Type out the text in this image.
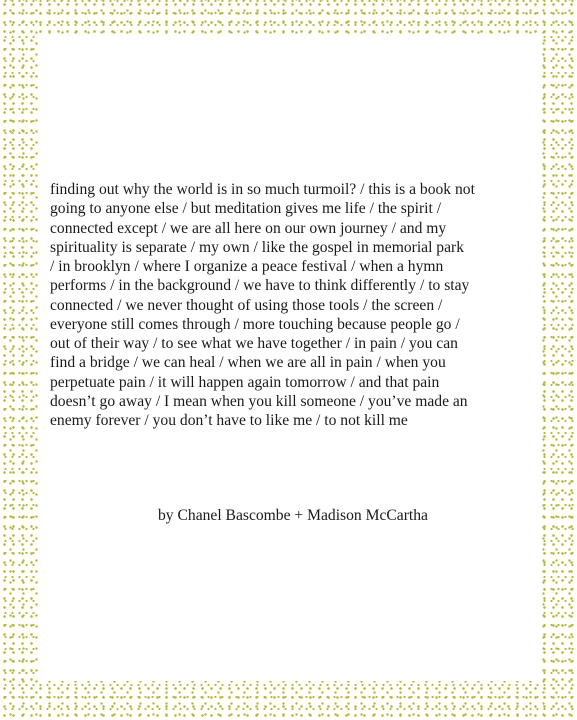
finding out why the world is in so much turmoil? / this is a book not
going to anyone else / but meditation gives me life / the spirit /
connected except / we are all here on our own journey / and my
spirituality is separate / my own / like the gospel in memorial park
/ in brooklyn / where I organize a peace festival / when a hymn
performs / in the background / we have to think differently / to stay
connected / we never thought of using those tools / the screen /
everyone still comes through / more touching because people go /
out of their way / to see what we have together / in pain / you can
find a bridge / we can heal / when we are all in pain / when you
perpetuate pain / it will happen again tomorrow / and that pain
doesn’t go away / I mean when you kill someone / you’ve made an
enemy forever / you don’t have to like me / to not kill me

by Chanel Bascombe + Madison McCartha
